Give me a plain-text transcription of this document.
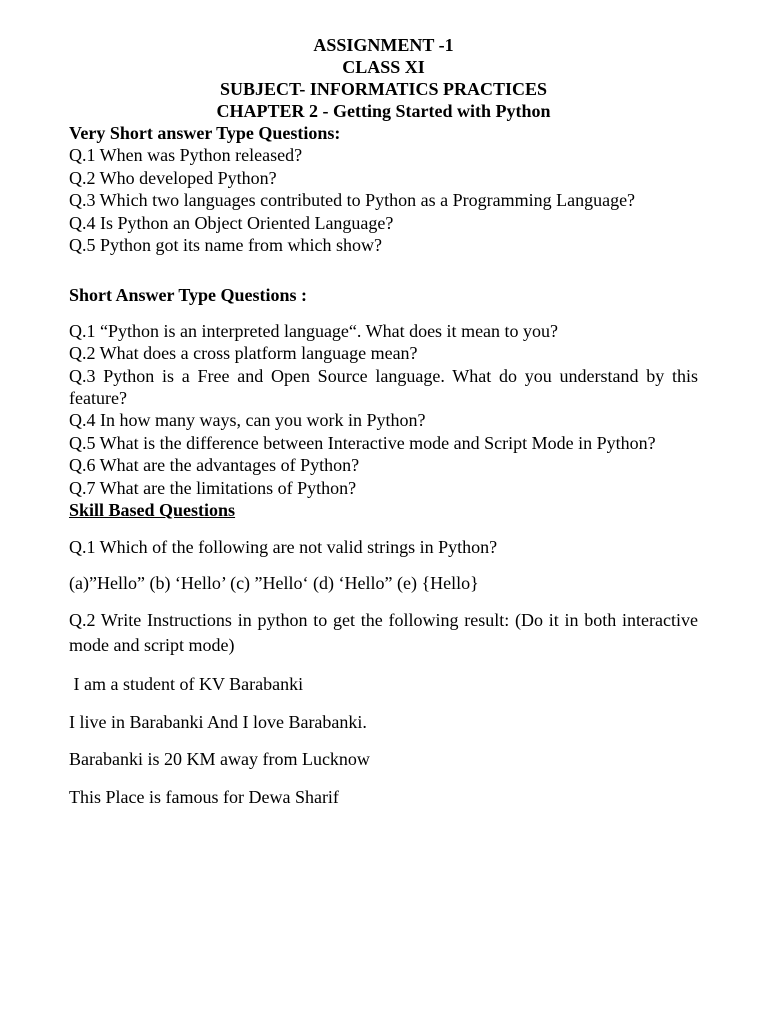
ASSIGNMENT -1

CLASS XI

SUBJECT- INFORMATICS PRACTICES

CHAPTER 2 - Getting Started with Python

Very Short answer Type Questions:

Q.1 When was Python released?

Q.2 Who developed Python?

Q.3 Which two languages contributed to Python as a Programming Language?

Q.4 Is Python an Object Oriented Language?

Q.5 Python got its name from which show?

Short Answer Type Questions :

Q.1 “Python is an interpreted language“. What does it mean to you?

Q.2 What does a cross platform language mean?

Q.3 Python is a Free and Open Source language. What do you understand by this feature?

Q.4 In how many ways, can you work in Python?

Q.5 What is the difference between Interactive mode and Script Mode in Python?

Q.6 What are the advantages of Python?

Q.7 What are the limitations of Python?

Skill Based Questions

Q.1 Which of the following are not valid strings in Python?

(a)”Hello” (b) ‘Hello’ (c) ”Hello‘ (d) ‘Hello” (e) {Hello}

Q.2 Write Instructions in python to get the following result: (Do it in both interactive mode and script mode)

I am a student of KV Barabanki

I live in Barabanki And I love Barabanki.

Barabanki is 20 KM away from Lucknow

This Place is famous for Dewa Sharif
